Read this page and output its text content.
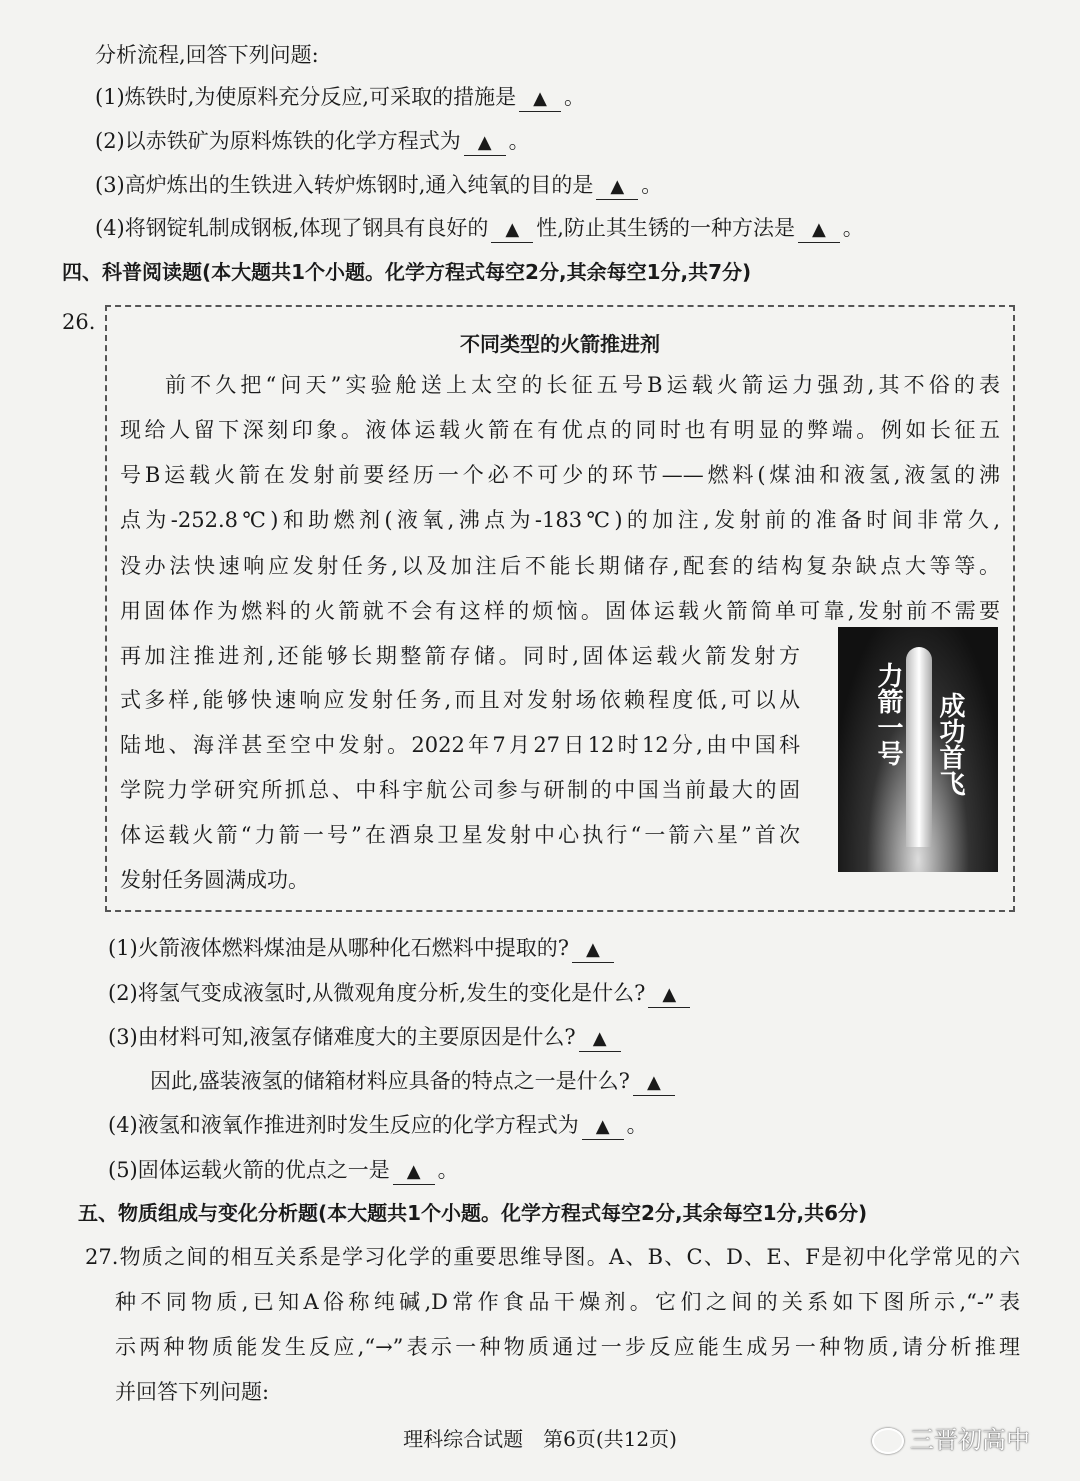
分析流程,回答下列问题:
(1)炼铁时,为使原料充分反应,可采取的措施是 ▲ 。
(2)以赤铁矿为原料炼铁的化学方程式为 ▲ 。
(3)高炉炼出的生铁进入转炉炼钢时,通入纯氧的目的是 ▲ 。
(4)将钢锭轧制成钢板,体现了钢具有良好的 ▲ 性,防止其生锈的一种方法是 ▲ 。
四、科普阅读题(本大题共1个小题。化学方程式每空2分,其余每空1分,共7分)
26.
前不久把“问天”实验舱送上太空的长征五号B运载火箭运力强劲,其不俗的表
现给人留下深刻印象。液体运载火箭在有优点的同时也有明显的弊端。例如长征五
号B运载火箭在发射前要经历一个必不可少的环节——燃料(煤油和液氢,液氢的沸
点为-252.8℃)和助燃剂(液氧,沸点为-183℃)的加注,发射前的准备时间非常久,
没办法快速响应发射任务,以及加注后不能长期储存,配套的结构复杂缺点大等等。
用固体作为燃料的火箭就不会有这样的烦恼。固体运载火箭简单可靠,发射前不需要
再加注推进剂,还能够长期整箭存储。同时,固体运载火箭发射方
式多样,能够快速响应发射任务,而且对发射场依赖程度低,可以从
陆地、海洋甚至空中发射。2022年7月27日12时12分,由中国科
学院力学研究所抓总、中科宇航公司参与研制的中国当前最大的固
体运载火箭“力箭一号”在酒泉卫星发射中心执行“一箭六星”首次
发射任务圆满成功。
(1)火箭液体燃料煤油是从哪种化石燃料中提取的? ▲
(2)将氢气变成液氢时,从微观角度分析,发生的变化是什么? ▲
(3)由材料可知,液氢存储难度大的主要原因是什么? ▲
因此,盛装液氢的储箱材料应具备的特点之一是什么? ▲
(4)液氢和液氧作推进剂时发生反应的化学方程式为 ▲ 。
(5)固体运载火箭的优点之一是 ▲ 。
五、物质组成与变化分析题(本大题共1个小题。化学方程式每空2分,其余每空1分,共6分)
27.物质之间的相互关系是学习化学的重要思维导图。A、B、C、D、E、F是初中化学常见的六
种不同物质,已知A俗称纯碱,D常作食品干燥剂。它们之间的关系如下图所示,“-”表
示两种物质能发生反应,“→”表示一种物质通过一步反应能生成另一种物质,请分析推理
并回答下列问题:
不同类型的火箭推进剂
力箭一号 成功首飞
理科综合试题　第6页(共12页)	三晋初高中
